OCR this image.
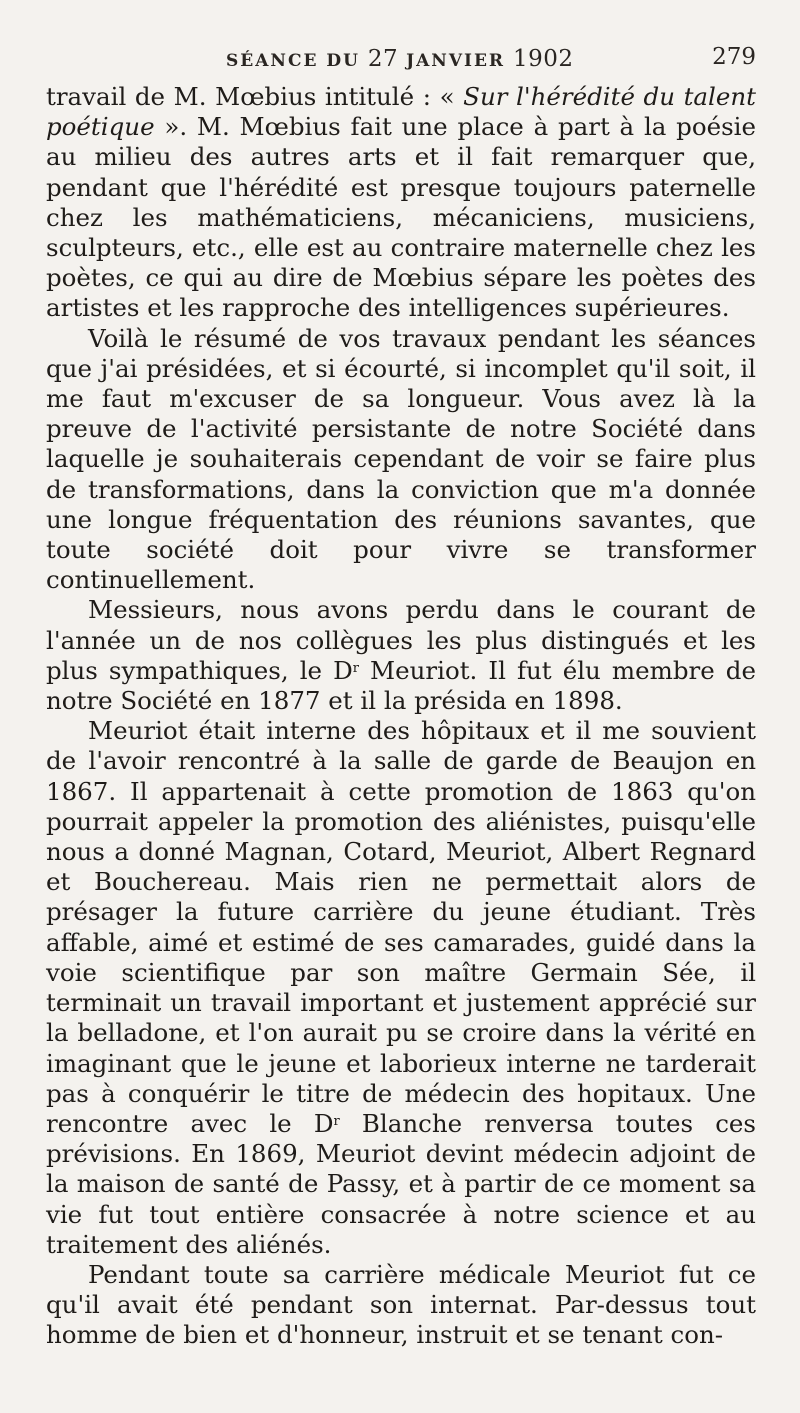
SÉANCE DU 27 JANVIER 1902	279

travail de M. Mœbius intitulé : « Sur l'hérédité du talent poétique ». M. Mœbius fait une place à part à la poésie au milieu des autres arts et il fait remarquer que, pendant que l'hérédité est presque toujours paternelle chez les mathématiciens, mécaniciens, musiciens, sculpteurs, etc., elle est au contraire maternelle chez les poètes, ce qui au dire de Mœbius sépare les poètes des artistes et les rapproche des intelligences supérieures.

Voilà le résumé de vos travaux pendant les séances que j'ai présidées, et si écourté, si incomplet qu'il soit, il me faut m'excuser de sa longueur. Vous avez là la preuve de l'activité persistante de notre Société dans laquelle je souhaiterais cependant de voir se faire plus de transformations, dans la conviction que m'a donnée une longue fréquentation des réunions savantes, que toute société doit pour vivre se transformer continuellement.

Messieurs, nous avons perdu dans le courant de l'année un de nos collègues les plus distingués et les plus sympathiques, le $D^r$ Meuriot. Il fut élu membre de notre Société en 1877 et il la présida en 1898.

Meuriot était interne des hôpitaux et il me souvient de l'avoir rencontré à la salle de garde de Beaujon en 1867. Il appartenait à cette promotion de 1863 qu'on pourrait appeler la promotion des aliénistes, puisqu'elle nous a donné Magnan, Cotard, Meuriot, Albert Regnard et Bouchereau. Mais rien ne permettait alors de présager la future carrière du jeune étudiant. Très affable, aimé et estimé de ses camarades, guidé dans la voie scientifique par son maître Germain Sée, il terminait un travail important et justement apprécié sur la belladone, et l'on aurait pu se croire dans la vérité en imaginant que le jeune et laborieux interne ne tarderait pas à conquérir le titre de médecin des hopitaux. Une rencontre avec le $D^r$ Blanche renversa toutes ces prévisions. En 1869, Meuriot devint médecin adjoint de la maison de santé de Passy, et à partir de ce moment sa vie fut tout entière consacrée à notre science et au traitement des aliénés.

Pendant toute sa carrière médicale Meuriot fut ce qu'il avait été pendant son internat. Par-dessus tout homme de bien et d'honneur, instruit et se tenant con-
